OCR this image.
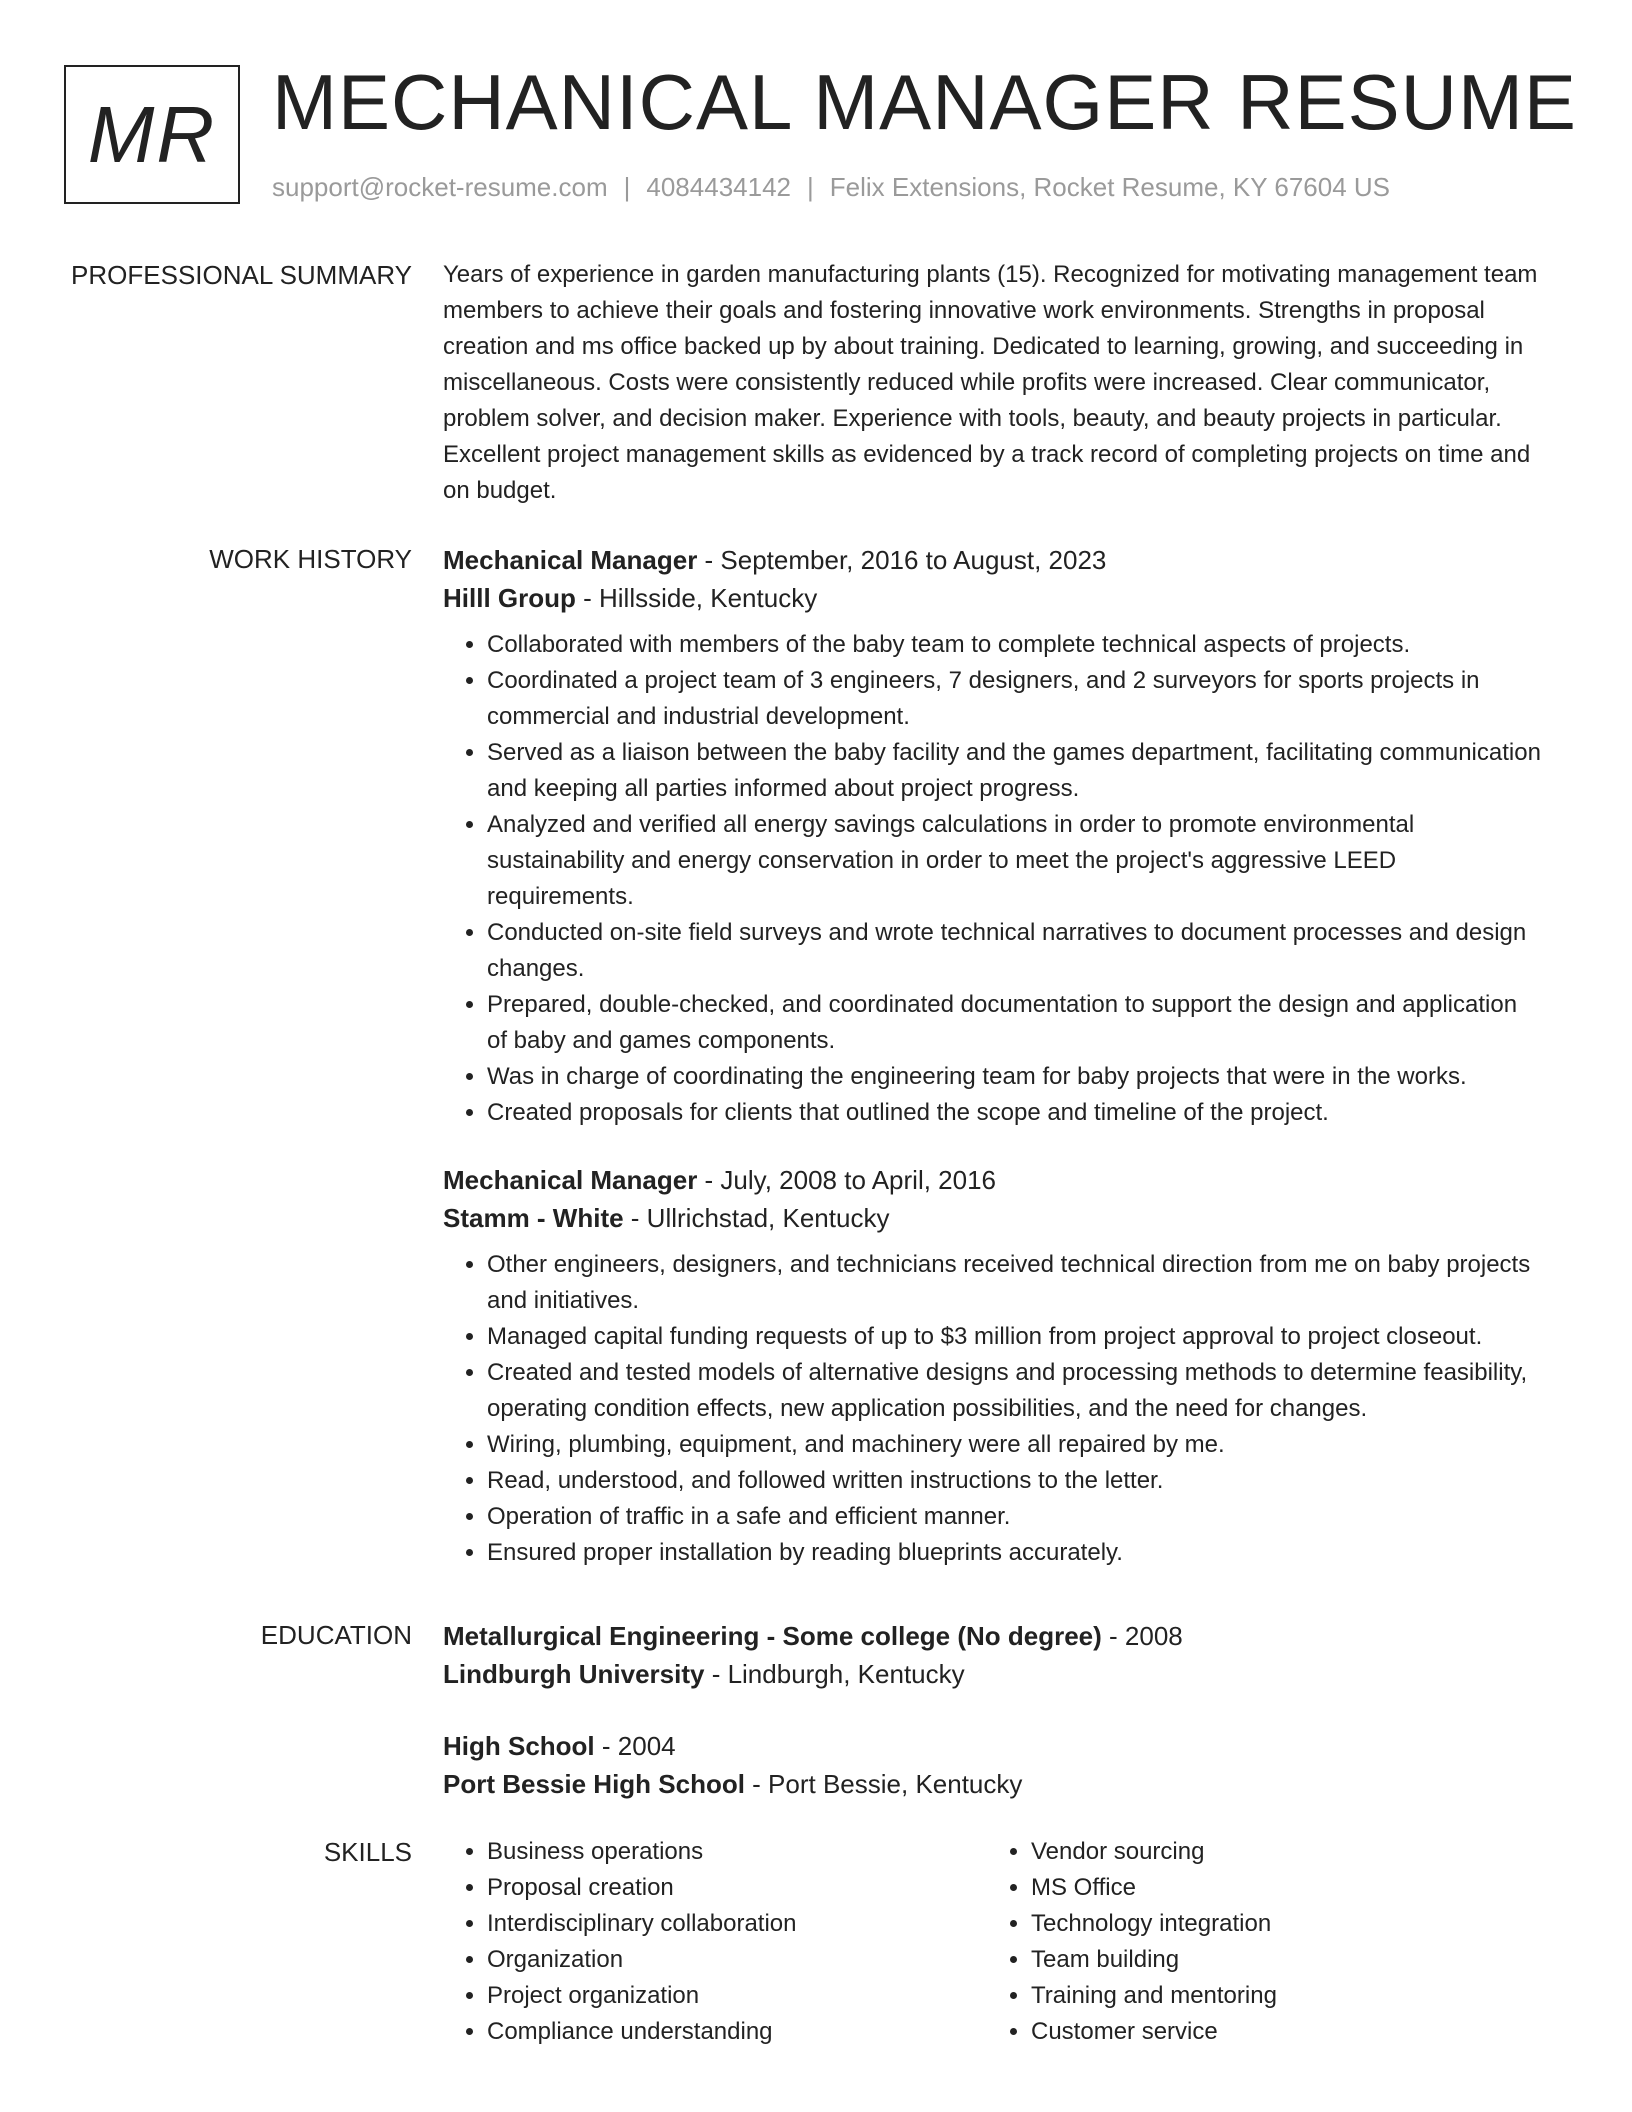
MR MECHANICAL MANAGER RESUME
support@rocket-resume.com | 4084434142 | Felix Extensions, Rocket Resume, KY 67604 US
PROFESSIONAL SUMMARY Years of experience in garden manufacturing plants (15). Recognized for motivating management team members to achieve their goals and fostering innovative work environments. Strengths in proposal creation and ms office backed up by about training. Dedicated to learning, growing, and succeeding in miscellaneous. Costs were consistently reduced while profits were increased. Clear communicator, problem solver, and decision maker. Experience with tools, beauty, and beauty projects in particular. Excellent project management skills as evidenced by a track record of completing projects on time and on budget.

WORK HISTORY Mechanical Manager - September, 2016 to August, 2023
Hilll Group - Hillsside, Kentucky
• Collaborated with members of the baby team to complete technical aspects of projects.
• Coordinated a project team of 3 engineers, 7 designers, and 2 surveyors for sports projects in commercial and industrial development.
• Served as a liaison between the baby facility and the games department, facilitating communication and keeping all parties informed about project progress.
• Analyzed and verified all energy savings calculations in order to promote environmental sustainability and energy conservation in order to meet the project's aggressive LEED requirements.
• Conducted on-site field surveys and wrote technical narratives to document processes and design changes.
• Prepared, double-checked, and coordinated documentation to support the design and application of baby and games components.
• Was in charge of coordinating the engineering team for baby projects that were in the works.
• Created proposals for clients that outlined the scope and timeline of the project.
Mechanical Manager - July, 2008 to April, 2016
Stamm - White - Ullrichstad, Kentucky
• Other engineers, designers, and technicians received technical direction from me on baby projects and initiatives.
• Managed capital funding requests of up to $3 million from project approval to project closeout.
• Created and tested models of alternative designs and processing methods to determine feasibility, operating condition effects, new application possibilities, and the need for changes.
• Wiring, plumbing, equipment, and machinery were all repaired by me.
• Read, understood, and followed written instructions to the letter.
• Operation of traffic in a safe and efficient manner.
• Ensured proper installation by reading blueprints accurately.
EDUCATION Metallurgical Engineering - Some college (No degree) - 2008
Lindburgh University - Lindburgh, Kentucky
High School - 2004
Port Bessie High School - Port Bessie, Kentucky
SKILLS
•	Business operations
• Proposal creation
• Interdisciplinary collaboration
• Organization
• Project organization
• Compliance understanding
• Vendor sourcing
• MS Office
• Technology integration
• Team building
• Training and mentoring
• Customer service
